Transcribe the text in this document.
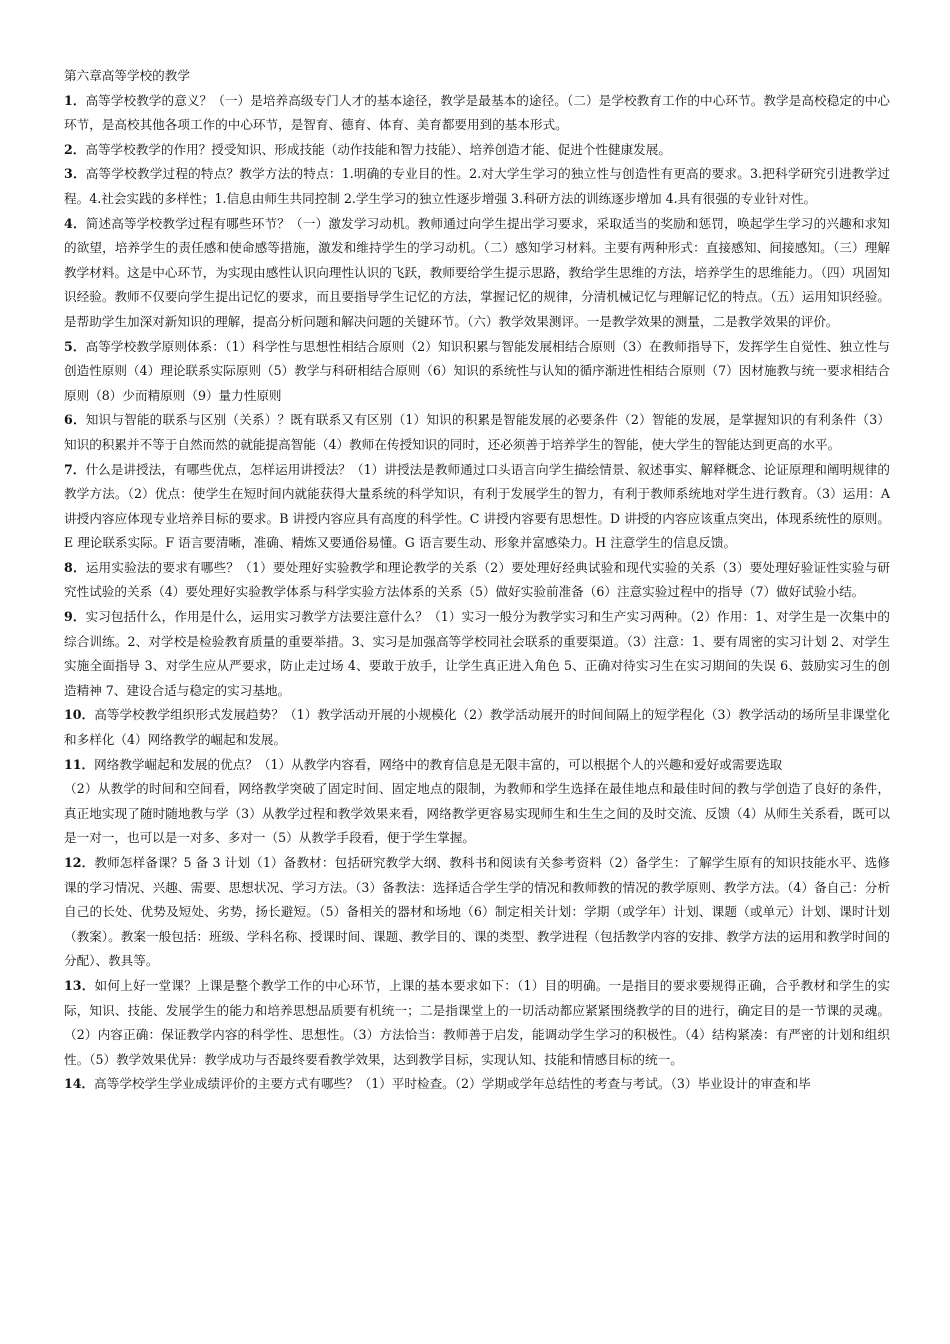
第六章高等学校的教学

1．高等学校教学的意义？（一）是培养高级专门人才的基本途径，教学是最基本的途径。（二）是学校教育工作的中心环节。教学是高校稳定的中心环节，是高校其他各项工作的中心环节，是智育、德育、体育、美育都要用到的基本形式。

2．高等学校教学的作用？授受知识、形成技能（动作技能和智力技能）、培养创造才能、促进个性健康发展。

3．高等学校教学过程的特点？教学方法的特点：1.明确的专业目的性。2.对大学生学习的独立性与创造性有更高的要求。3.把科学研究引进教学过程。4.社会实践的多样性；1.信息由师生共同控制 2.学生学习的独立性逐步增强 3.科研方法的训练逐步增加 4.具有很强的专业针对性。

4．简述高等学校教学过程有哪些环节？（一）激发学习动机。教师通过向学生提出学习要求，采取适当的奖励和惩罚，唤起学生学习的兴趣和求知的欲望，培养学生的责任感和使命感等措施，激发和维持学生的学习动机。（二）感知学习材料。主要有两种形式：直接感知、间接感知。（三）理解教学材料。这是中心环节，为实现由感性认识向理性认识的飞跃，教师要给学生提示思路，教给学生思维的方法，培养学生的思维能力。（四）巩固知识经验。教师不仅要向学生提出记忆的要求，而且要指导学生记忆的方法，掌握记忆的规律，分清机械记忆与理解记忆的特点。（五）运用知识经验。是帮助学生加深对新知识的理解，提高分析问题和解决问题的关键环节。（六）教学效果测评。一是教学效果的测量，二是教学效果的评价。

5．高等学校教学原则体系：（1）科学性与思想性相结合原则（2）知识积累与智能发展相结合原则（3）在教师指导下，发挥学生自觉性、独立性与创造性原则（4）理论联系实际原则（5）教学与科研相结合原则（6）知识的系统性与认知的循序渐进性相结合原则（7）因材施教与统一要求相结合原则（8）少而精原则（9）量力性原则

6．知识与智能的联系与区别（关系）？既有联系又有区别（1）知识的积累是智能发展的必要条件（2）智能的发展，是掌握知识的有利条件（3）知识的积累并不等于自然而然的就能提高智能（4）教师在传授知识的同时，还必须善于培养学生的智能，使大学生的智能达到更高的水平。

7．什么是讲授法，有哪些优点，怎样运用讲授法？（1）讲授法是教师通过口头语言向学生描绘情景、叙述事实、解释概念、论证原理和阐明规律的教学方法。（2）优点：使学生在短时间内就能获得大量系统的科学知识，有利于发展学生的智力，有利于教师系统地对学生进行教育。（3）运用：A 讲授内容应体现专业培养目标的要求。B 讲授内容应具有高度的科学性。C 讲授内容要有思想性。D 讲授的内容应该重点突出，体现系统性的原则。E 理论联系实际。F 语言要清晰，准确、精炼又要通俗易懂。G 语言要生动、形象并富感染力。H 注意学生的信息反馈。

8．运用实验法的要求有哪些？（1）要处理好实验教学和理论教学的关系（2）要处理好经典试验和现代实验的关系（3）要处理好验证性实验与研究性试验的关系（4）要处理好实验教学体系与科学实验方法体系的关系（5）做好实验前准备（6）注意实验过程中的指导（7）做好试验小结。

9．实习包括什么，作用是什么，运用实习教学方法要注意什么？（1）实习一般分为教学实习和生产实习两种。（2）作用：1、对学生是一次集中的综合训练。2、对学校是检验教育质量的重要举措。3、实习是加强高等学校同社会联系的重要渠道。（3）注意：1、要有周密的实习计划 2、对学生实施全面指导 3、对学生应从严要求，防止走过场 4、要敢于放手，让学生真正进入角色 5、正确对待实习生在实习期间的失误 6、鼓励实习生的创造精神 7、建设合适与稳定的实习基地。

10．高等学校教学组织形式发展趋势？（1）教学活动开展的小规模化（2）教学活动展开的时间间隔上的短学程化（3）教学活动的场所呈非课堂化和多样化（4）网络教学的崛起和发展。

11．网络教学崛起和发展的优点？（1）从教学内容看，网络中的教育信息是无限丰富的，可以根据个人的兴趣和爱好或需要选取
（2）从教学的时间和空间看，网络教学突破了固定时间、固定地点的限制，为教师和学生选择在最佳地点和最佳时间的教与学创造了良好的条件，真正地实现了随时随地教与学（3）从教学过程和教学效果来看，网络教学更容易实现师生和生生之间的及时交流、反馈（4）从师生关系看，既可以是一对一，也可以是一对多、多对一（5）从教学手段看，便于学生掌握。

12．教师怎样备课？5 备 3 计划（1）备教材：包括研究教学大纲、教科书和阅读有关参考资料（2）备学生：了解学生原有的知识技能水平、选修课的学习情况、兴趣、需要、思想状况、学习方法。（3）备教法：选择适合学生学的情况和教师教的情况的教学原则、教学方法。（4）备自己：分析自己的长处、优势及短处、劣势，扬长避短。（5）备相关的器材和场地（6）制定相关计划：学期（或学年）计划、课题（或单元）计划、课时计划（教案）。教案一般包括：班级、学科名称、授课时间、课题、教学目的、课的类型、教学进程（包括教学内容的安排、教学方法的运用和教学时间的分配）、教具等。

13．如何上好一堂课？上课是整个教学工作的中心环节，上课的基本要求如下：（1）目的明确。一是指目的要求要规得正确，合乎教材和学生的实际，知识、技能、发展学生的能力和培养思想品质要有机统一；二是指课堂上的一切活动都应紧紧围绕教学的目的进行，确定目的是一节课的灵魂。（2）内容正确：保证教学内容的科学性、思想性。（3）方法恰当：教师善于启发，能调动学生学习的积极性。（4）结构紧凑：有严密的计划和组织性。（5）教学效果优异：教学成功与否最终要看教学效果，达到教学目标，实现认知、技能和情感目标的统一。

14．高等学校学生学业成绩评价的主要方式有哪些？（1）平时检查。（2）学期或学年总结性的考查与考试。（3）毕业设计的审查和毕
